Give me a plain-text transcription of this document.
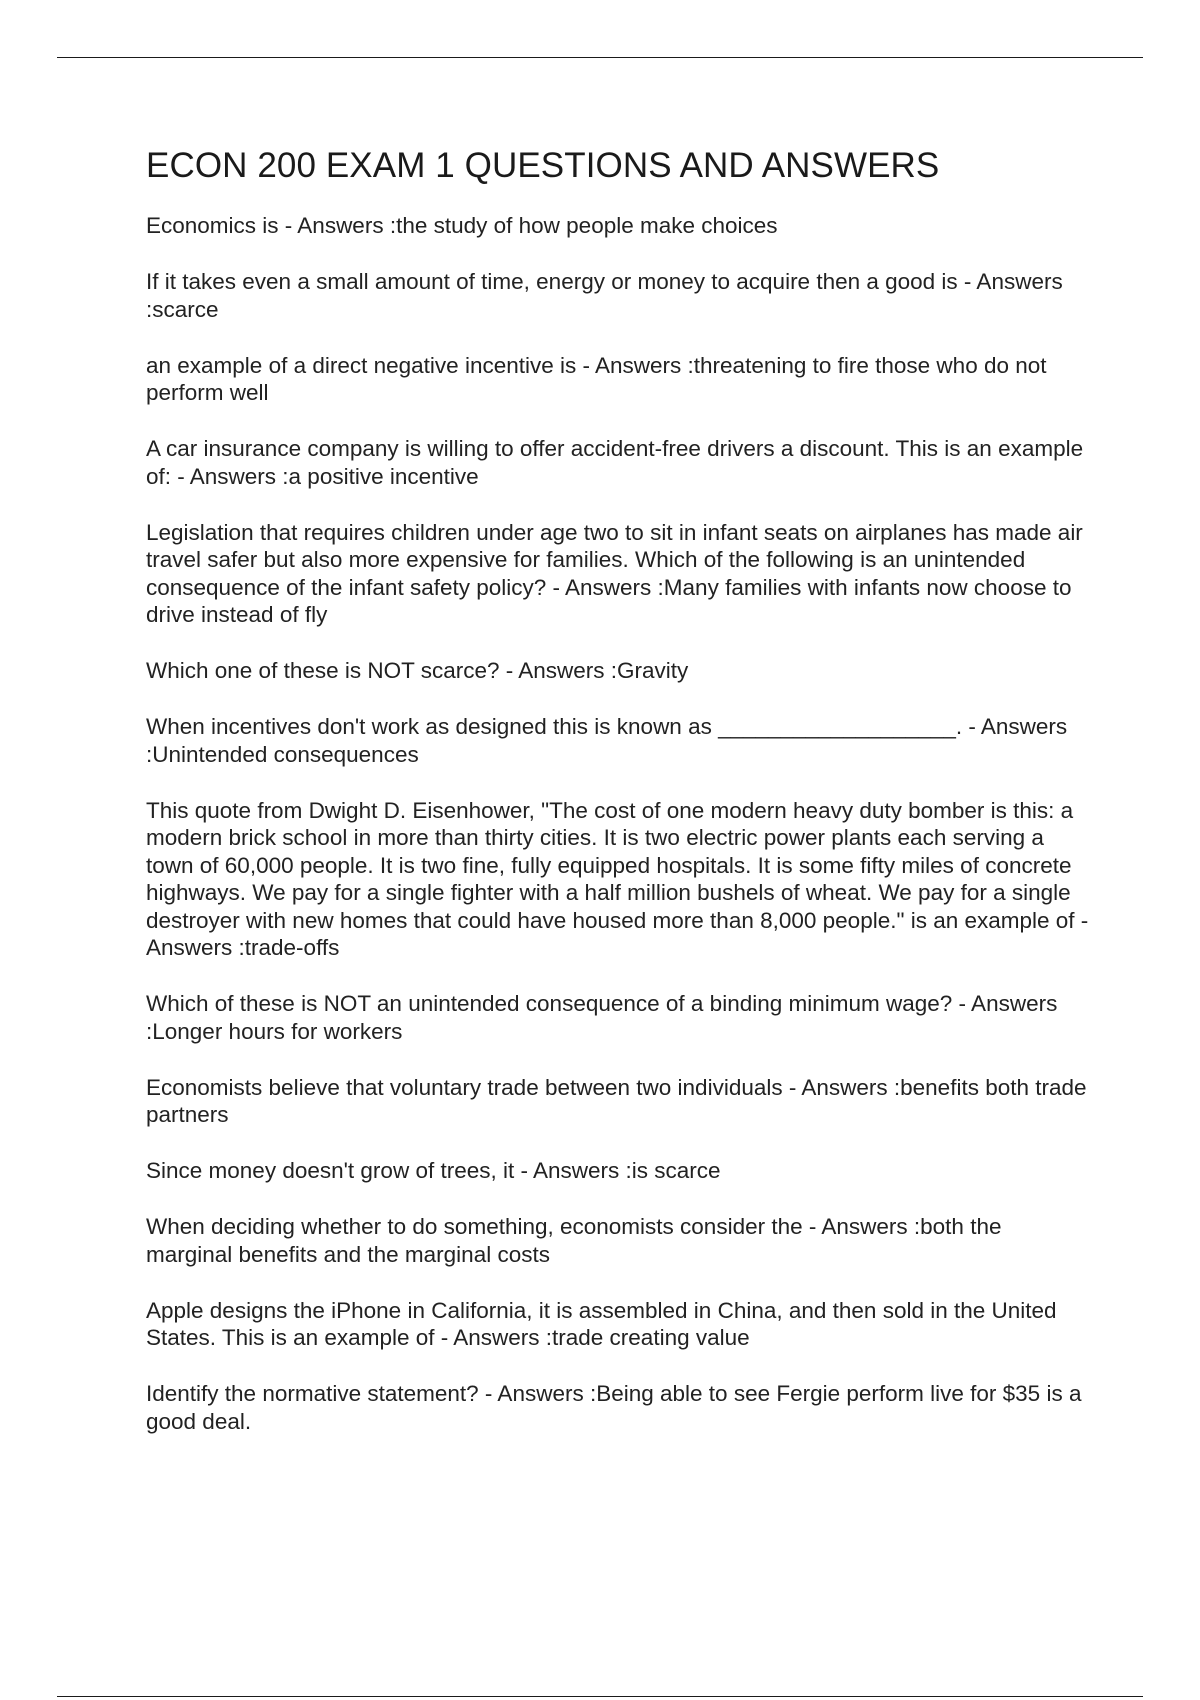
ECON 200 EXAM 1 QUESTIONS AND ANSWERS
Economics is - Answers :the study of how people make choices
If it takes even a small amount of time, energy or money to acquire then a good is - Answers :scarce
an example of a direct negative incentive is - Answers :threatening to fire those who do not perform well
A car insurance company is willing to offer accident-free drivers a discount. This is an example of: - Answers :a positive incentive
Legislation that requires children under age two to sit in infant seats on airplanes has made air travel safer but also more expensive for families. Which of the following is an unintended consequence of the infant safety policy? - Answers :Many families with infants now choose to drive instead of fly
Which one of these is NOT scarce? - Answers :Gravity
When incentives don't work as designed this is known as ___________________. - Answers :Unintended consequences
This quote from Dwight D. Eisenhower, "The cost of one modern heavy duty bomber is this: a modern brick school in more than thirty cities. It is two electric power plants each serving a town of 60,000 people. It is two fine, fully equipped hospitals. It is some fifty miles of concrete highways. We pay for a single fighter with a half million bushels of wheat. We pay for a single destroyer with new homes that could have housed more than 8,000 people." is an example of - Answers :trade-offs
Which of these is NOT an unintended consequence of a binding minimum wage? - Answers :Longer hours for workers
Economists believe that voluntary trade between two individuals - Answers :benefits both trade partners
Since money doesn't grow of trees, it - Answers :is scarce
When deciding whether to do something, economists consider the - Answers :both the marginal benefits and the marginal costs
Apple designs the iPhone in California, it is assembled in China, and then sold in the United States. This is an example of - Answers :trade creating value
Identify the normative statement? - Answers :Being able to see Fergie perform live for $35 is a good deal.
